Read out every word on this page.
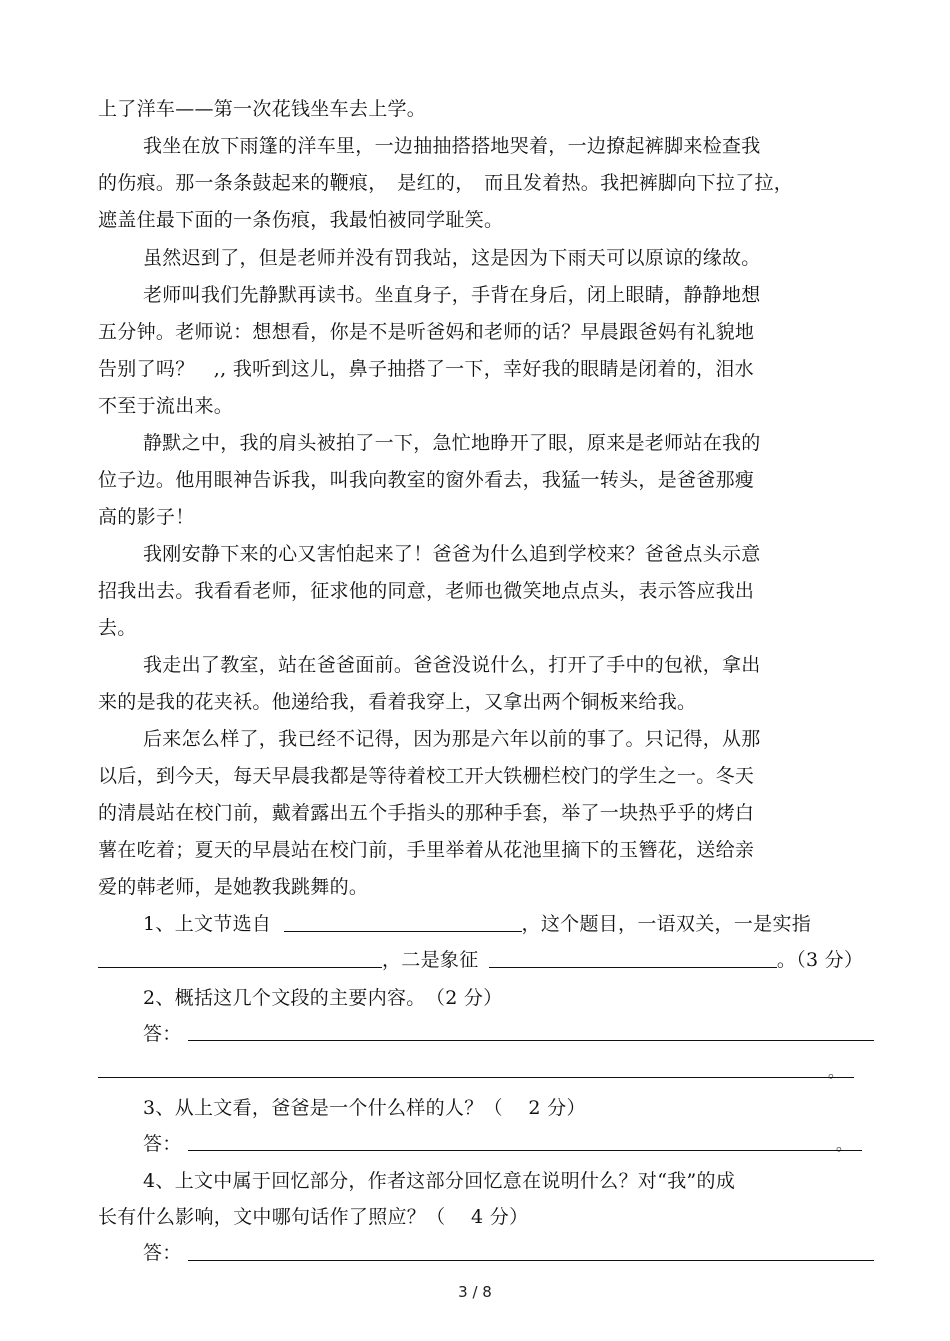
上了洋车——第一次花钱坐车去上学。
我坐在放下雨篷的洋车里，一边抽抽搭搭地哭着，一边撩起裤脚来检查我
的伤痕。那一条条鼓起来的鞭痕，　是红的，　而且发着热。我把裤脚向下拉了拉，
遮盖住最下面的一条伤痕，我最怕被同学耻笑。
虽然迟到了，但是老师并没有罚我站，这是因为下雨天可以原谅的缘故。
老师叫我们先静默再读书。坐直身子，手背在身后，闭上眼睛，静静地想
五分钟。老师说：想想看，你是不是听爸妈和老师的话？早晨跟爸妈有礼貌地
告别了吗？　,, 我听到这儿，鼻子抽搭了一下，幸好我的眼睛是闭着的，泪水
不至于流出来。
静默之中，我的肩头被拍了一下，急忙地睁开了眼，原来是老师站在我的
位子边。他用眼神告诉我，叫我向教室的窗外看去，我猛一转头，是爸爸那瘦
高的影子！
我刚安静下来的心又害怕起来了！爸爸为什么追到学校来？爸爸点头示意
招我出去。我看看老师，征求他的同意，老师也微笑地点点头，表示答应我出
去。
我走出了教室，站在爸爸面前。爸爸没说什么，打开了手中的包袱，拿出
来的是我的花夹袄。他递给我，看着我穿上，又拿出两个铜板来给我。
后来怎么样了，我已经不记得，因为那是六年以前的事了。只记得，从那
以后，到今天，每天早晨我都是等待着校工开大铁栅栏校门的学生之一。冬天
的清晨站在校门前，戴着露出五个手指头的那种手套，举了一块热乎乎的烤白
薯在吃着；夏天的早晨站在校门前，手里举着从花池里摘下的玉簪花，送给亲
爱的韩老师，是她教我跳舞的。
1、上文节选自	，这个题目，一语双关，一是实指
，二是象征	。（3 分）
2、概括这几个文段的主要内容。　（2 分）
答：
。
3、从上文看，爸爸是一个什么样的人？（　 2 分）
答：	。
4、上文中属于回忆部分，作者这部分回忆意在说明什么？对“我”的成
长有什么影响，文中哪句话作了照应？（　 4 分）
答：
3 / 8
